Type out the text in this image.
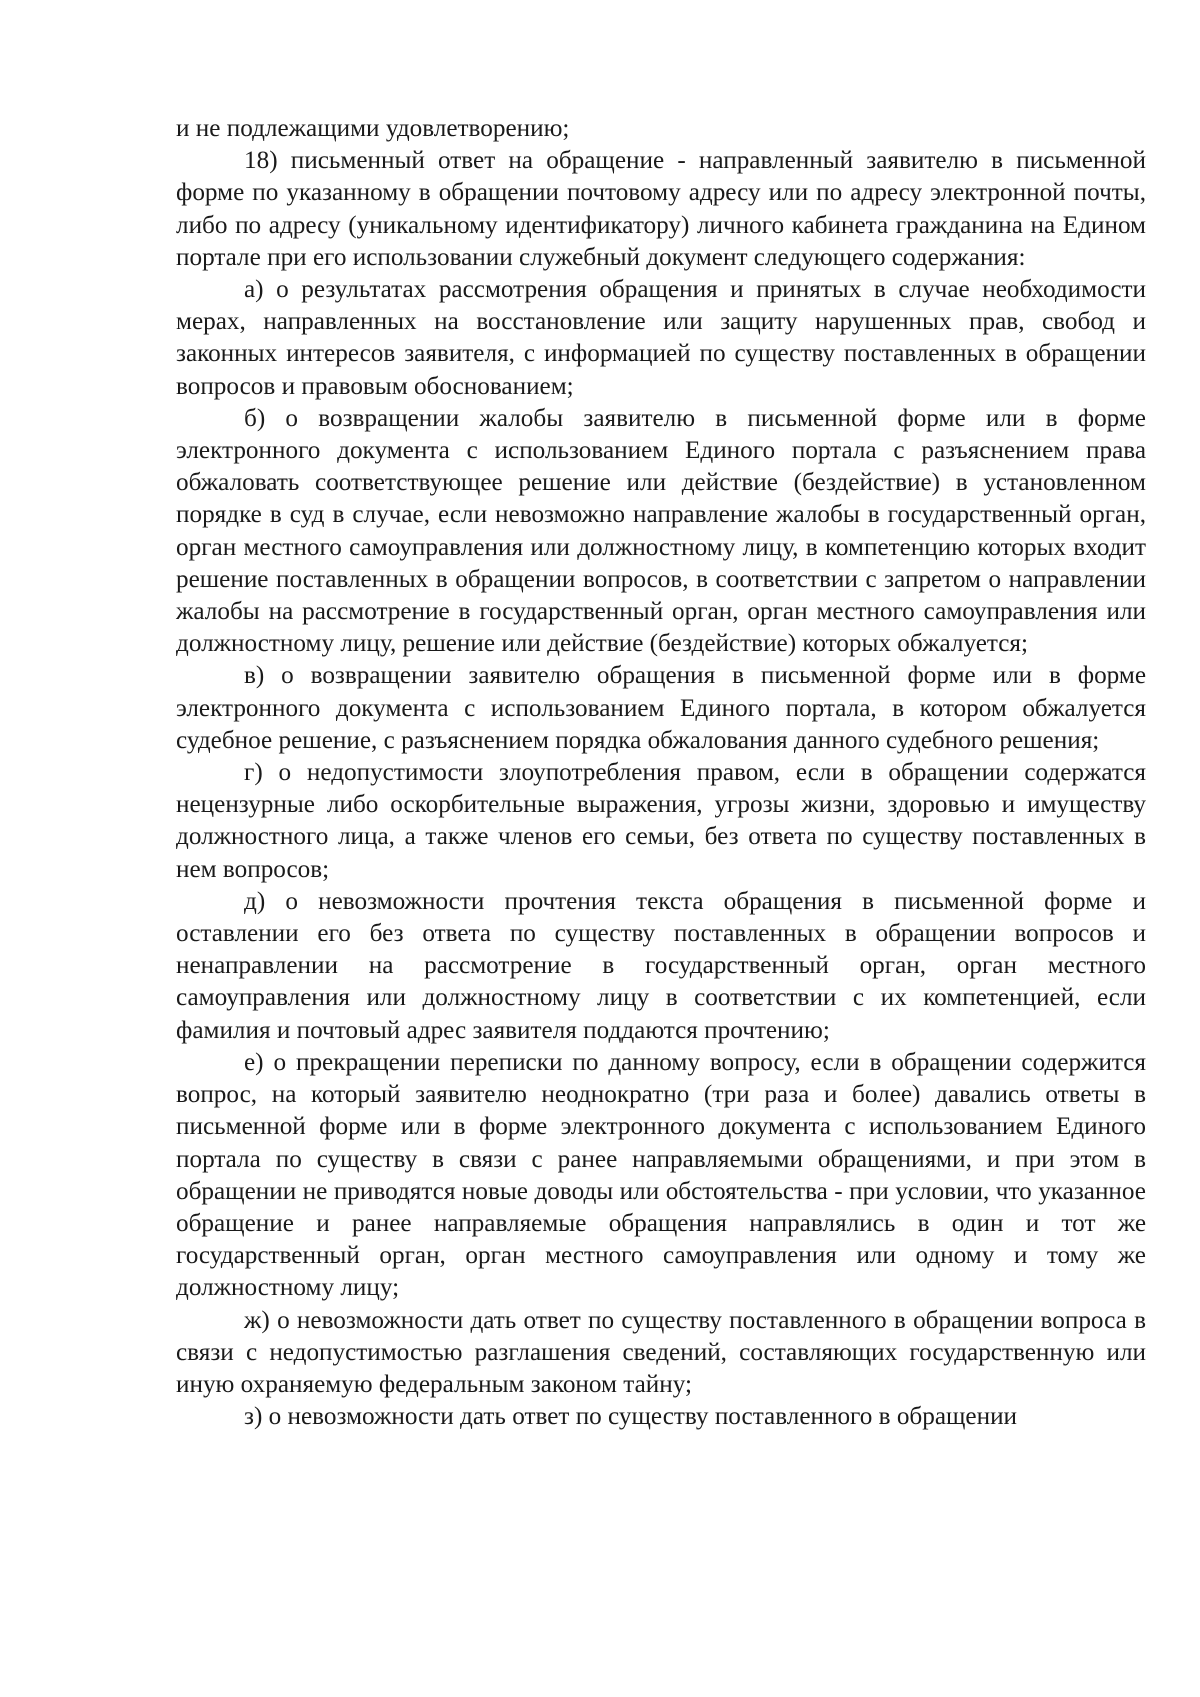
и не подлежащими удовлетворению;

18) письменный ответ на обращение - направленный заявителю в письменной форме по указанному в обращении почтовому адресу или по адресу электронной почты, либо по адресу (уникальному идентификатору) личного кабинета гражданина на Едином портале при его использовании служебный документ следующего содержания:

а) о результатах рассмотрения обращения и принятых в случае необходимости мерах, направленных на восстановление или защиту нарушенных прав, свобод и законных интересов заявителя, с информацией по существу поставленных в обращении вопросов и правовым обоснованием;

б) о возвращении жалобы заявителю в письменной форме или в форме электронного документа с использованием Единого портала с разъяснением права обжаловать соответствующее решение или действие (бездействие) в установленном порядке в суд в случае, если невозможно направление жалобы в государственный орган, орган местного самоуправления или должностному лицу, в компетенцию которых входит решение поставленных в обращении вопросов, в соответствии с запретом о направлении жалобы на рассмотрение в государственный орган, орган местного самоуправления или должностному лицу, решение или действие (бездействие) которых обжалуется;

в) о возвращении заявителю обращения в письменной форме или в форме электронного документа с использованием Единого портала, в котором обжалуется судебное решение, с разъяснением порядка обжалования данного судебного решения;

г) о недопустимости злоупотребления правом, если в обращении содержатся нецензурные либо оскорбительные выражения, угрозы жизни, здоровью и имуществу должностного лица, а также членов его семьи, без ответа по существу поставленных в нем вопросов;

д) о невозможности прочтения текста обращения в письменной форме и оставлении его без ответа по существу поставленных в обращении вопросов и ненаправлении на рассмотрение в государственный орган, орган местного самоуправления или должностному лицу в соответствии с их компетенцией, если фамилия и почтовый адрес заявителя поддаются прочтению;

е) о прекращении переписки по данному вопросу, если в обращении содержится вопрос, на который заявителю неоднократно (три раза и более) давались ответы в письменной форме или в форме электронного документа с использованием Единого портала по существу в связи с ранее направляемыми обращениями, и при этом в обращении не приводятся новые доводы или обстоятельства - при условии, что указанное обращение и ранее направляемые обращения направлялись в один и тот же государственный орган, орган местного самоуправления или одному и тому же должностному лицу;

ж) о невозможности дать ответ по существу поставленного в обращении вопроса в связи с недопустимостью разглашения сведений, составляющих государственную или иную охраняемую федеральным законом тайну;

з) о невозможности дать ответ по существу поставленного в обращении
